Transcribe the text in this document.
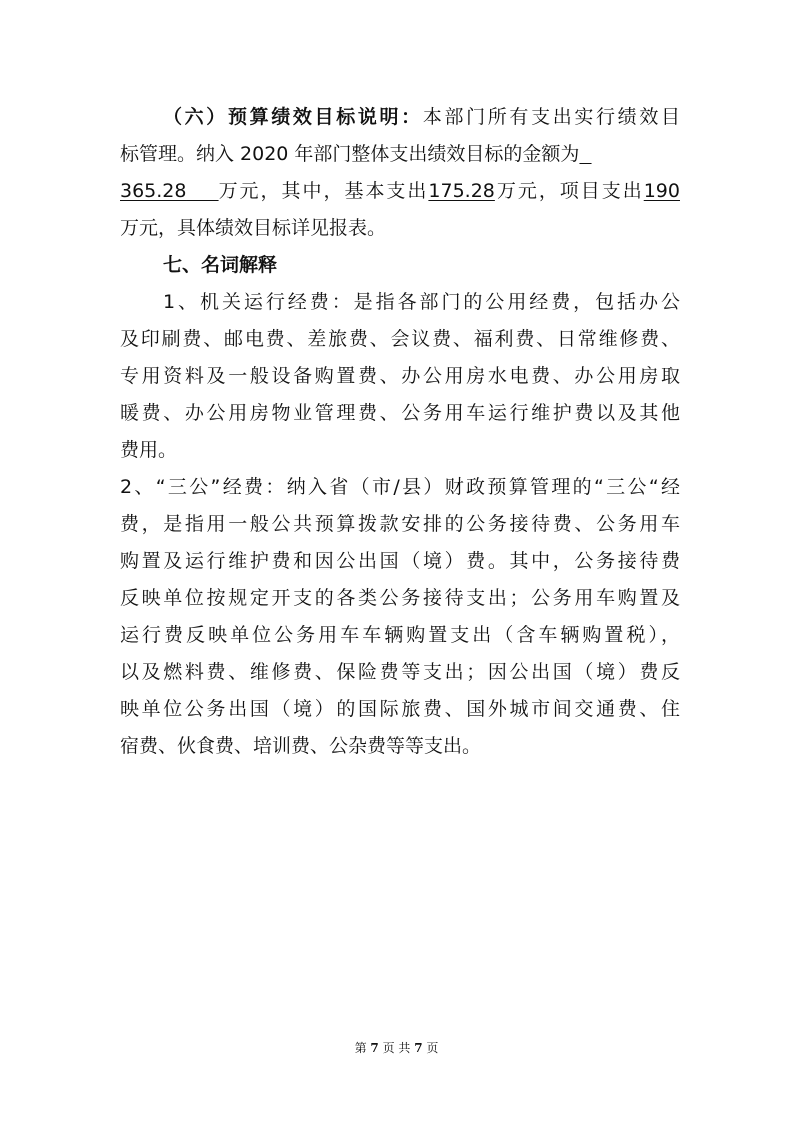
（六）预算绩效目标说明：本部门所有支出实行绩效目
标管理。纳入 2020 年部门整体支出绩效目标的金额为
365.28 万元，其中，基本支出175.28万元，项目支出190
万元，具体绩效目标详见报表。
七、名词解释
1、机关运行经费：是指各部门的公用经费，包括办公
及印刷费、邮电费、差旅费、会议费、福利费、日常维修费、
专用资料及一般设备购置费、办公用房水电费、办公用房取
暖费、办公用房物业管理费、公务用车运行维护费以及其他
费用。
2、“三公”经费：纳入省（市/县）财政预算管理的“三公“经
费，是指用一般公共预算拨款安排的公务接待费、公务用车
购置及运行维护费和因公出国（境）费。其中，公务接待费
反映单位按规定开支的各类公务接待支出；公务用车购置及
运行费反映单位公务用车车辆购置支出（含车辆购置税），
以及燃料费、维修费、保险费等支出；因公出国（境）费反
映单位公务出国（境）的国际旅费、国外城市间交通费、住
宿费、伙食费、培训费、公杂费等等支出。
第 7 页 共 7 页
